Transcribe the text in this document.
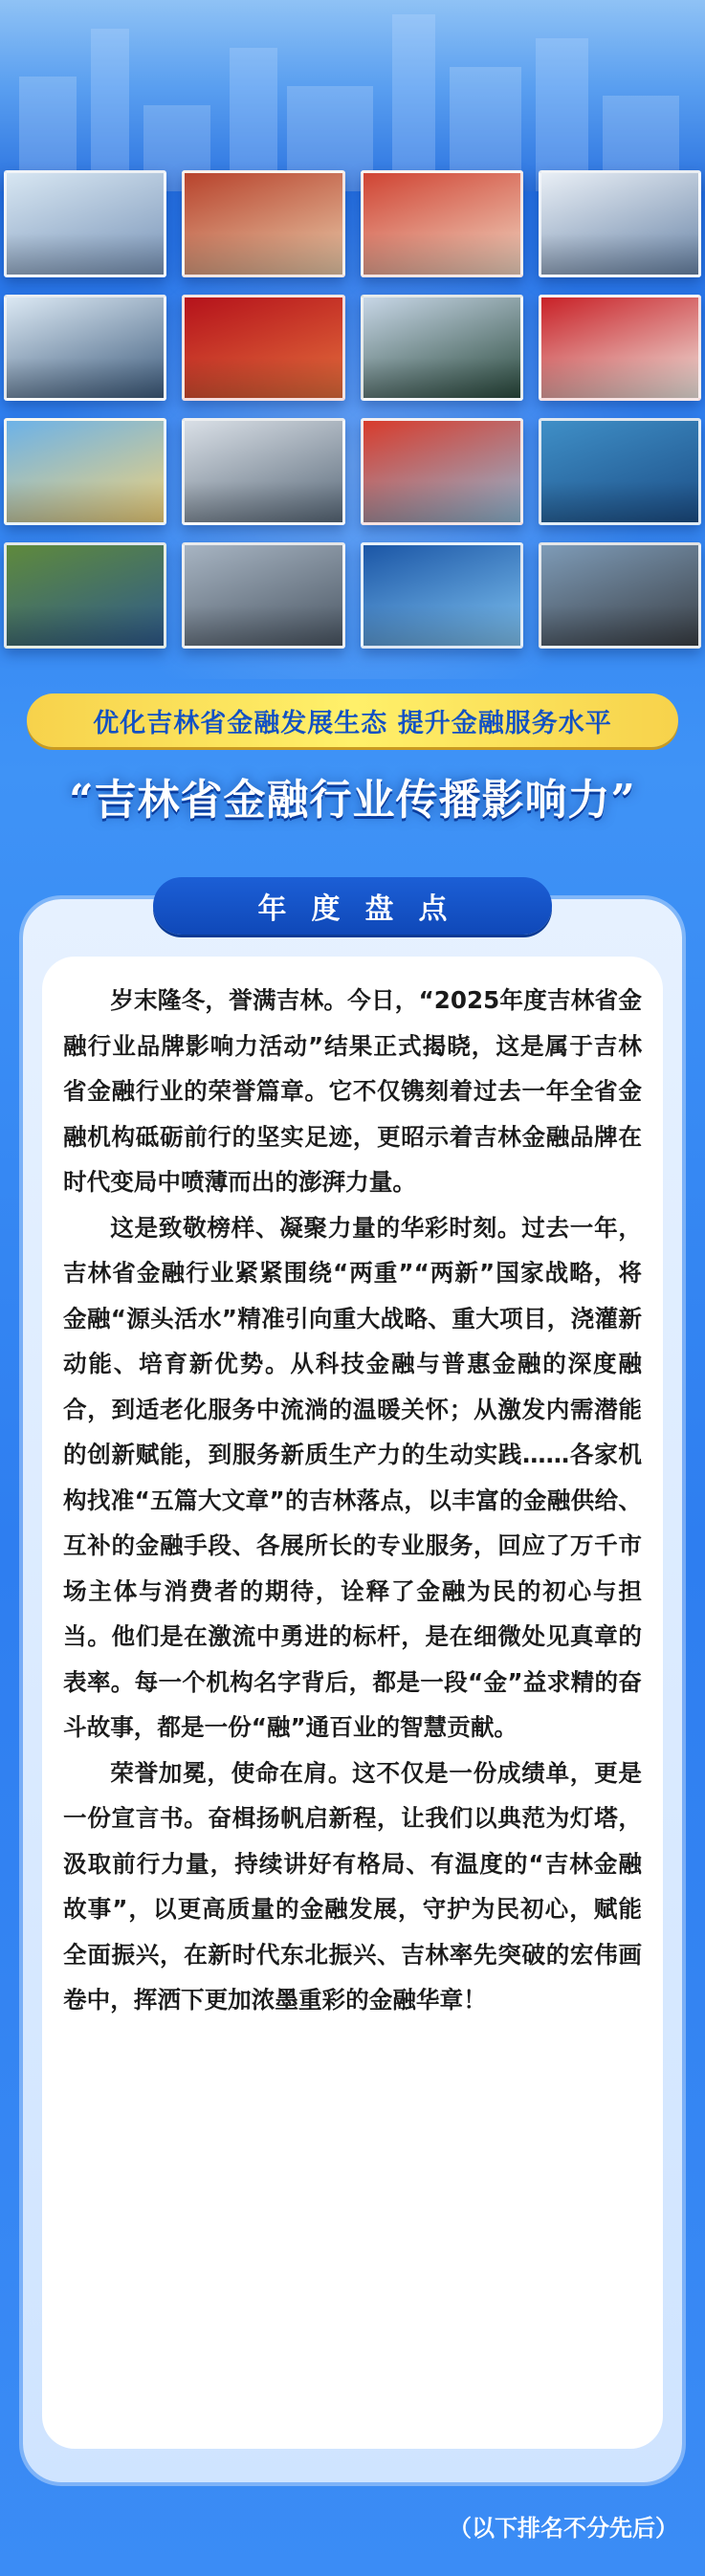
优化吉林省金融发展生态 提升金融服务水平
“吉林省金融行业传播影响力”
年度盘点

岁末隆冬，誉满吉林。今日，“2025年度吉林省金融行业品牌影响力活动”结果正式揭晓，这是属于吉林省金融行业的荣誉篇章。它不仅镌刻着过去一年全省金融机构砥砺前行的坚实足迹，更昭示着吉林金融品牌在时代变局中喷薄而出的澎湃力量。

这是致敬榜样、凝聚力量的华彩时刻。过去一年，吉林省金融行业紧紧围绕“两重”“两新”国家战略，将金融“源头活水”精准引向重大战略、重大项目，浇灌新动能、培育新优势。从科技金融与普惠金融的深度融合，到适老化服务中流淌的温暖关怀；从激发内需潜能的创新赋能，到服务新质生产力的生动实践……各家机构找准“五篇大文章”的吉林落点，以丰富的金融供给、互补的金融手段、各展所长的专业服务，回应了万千市场主体与消费者的期待，诠释了金融为民的初心与担当。他们是在激流中勇进的标杆，是在细微处见真章的表率。每一个机构名字背后，都是一段“金”益求精的奋斗故事，都是一份“融”通百业的智慧贡献。

荣誉加冕，使命在肩。这不仅是一份成绩单，更是一份宣言书。奋楫扬帆启新程，让我们以典范为灯塔，汲取前行力量，持续讲好有格局、有温度的“吉林金融故事”，以更高质量的金融发展，守护为民初心，赋能全面振兴，在新时代东北振兴、吉林率先突破的宏伟画卷中，挥洒下更加浓墨重彩的金融华章！

（以下排名不分先后）
